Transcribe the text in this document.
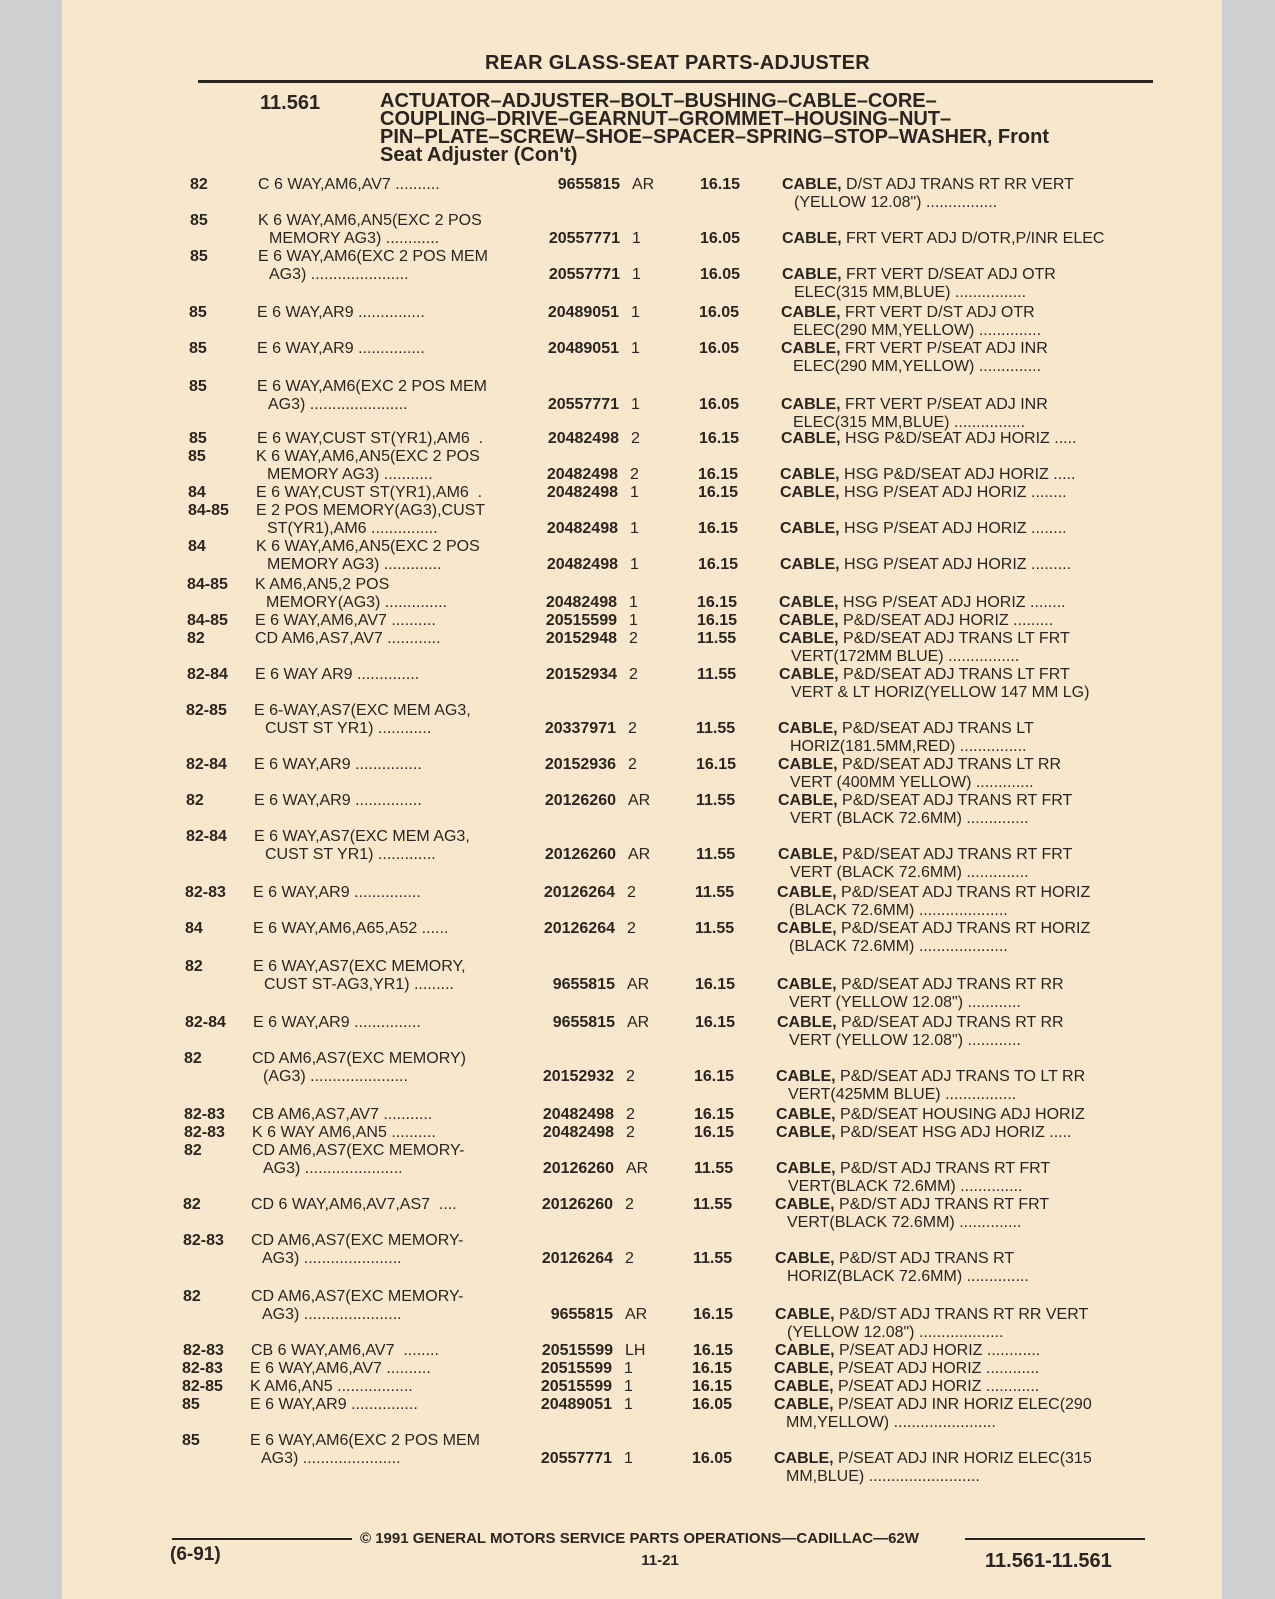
REAR GLASS-SEAT PARTS-ADJUSTER
11.561	ACTUATOR–ADJUSTER–BOLT–BUSHING–CABLE–CORE–
COUPLING–DRIVE–GEARNUT–GROMMET–HOUSING–NUT–
PIN–PLATE–SCREW–SHOE–SPACER–SPRING–STOP–WASHER, Front
Seat Adjuster (Con't)
82	C 6 WAY,AM6,AV7 ..........	9655815 AR	16.15	CABLE, D/ST ADJ TRANS RT RR VERT
(YELLOW 12.08") ................
85	K 6 WAY,AM6,AN5(EXC 2 POS
MEMORY AG3) ............	20557771 1	16.05	CABLE, FRT VERT ADJ D/OTR,P/INR ELEC
85	E 6 WAY,AM6(EXC 2 POS MEM
AG3) ......................	20557771 1	16.05	CABLE, FRT VERT D/SEAT ADJ OTR
ELEC(315 MM,BLUE) ................
85	E 6 WAY,AR9 ...............	20489051 1	16.05	CABLE, FRT VERT D/ST ADJ OTR
ELEC(290 MM,YELLOW) ..............
85	E 6 WAY,AR9 ...............	20489051 1	16.05	CABLE, FRT VERT P/SEAT ADJ INR
ELEC(290 MM,YELLOW) ..............
85	E 6 WAY,AM6(EXC 2 POS MEM
AG3) ......................	20557771 1	16.05	CABLE, FRT VERT P/SEAT ADJ INR
ELEC(315 MM,BLUE) ................
85	E 6 WAY,CUST ST(YR1),AM6  .	20482498 2	16.15	CABLE, HSG P&D/SEAT ADJ HORIZ .....
85	K 6 WAY,AM6,AN5(EXC 2 POS
MEMORY AG3) ...........	20482498 2	16.15	CABLE, HSG P&D/SEAT ADJ HORIZ .....
84	E 6 WAY,CUST ST(YR1),AM6  .	20482498 1	16.15	CABLE, HSG P/SEAT ADJ HORIZ ........
84-85	E 2 POS MEMORY(AG3),CUST
ST(YR1),AM6 ...............	20482498 1	16.15	CABLE, HSG P/SEAT ADJ HORIZ ........
84	K 6 WAY,AM6,AN5(EXC 2 POS
MEMORY AG3) .............	20482498 1	16.15	CABLE, HSG P/SEAT ADJ HORIZ .........
84-85	K AM6,AN5,2 POS
MEMORY(AG3) ..............	20482498 1	16.15	CABLE, HSG P/SEAT ADJ HORIZ ........
84-85	E 6 WAY,AM6,AV7 ..........	20515599 1	16.15	CABLE, P&D/SEAT ADJ HORIZ .........
82	CD AM6,AS7,AV7 ............	20152948 2	11.55	CABLE, P&D/SEAT ADJ TRANS LT FRT
VERT(172MM BLUE) ................
82-84	E 6 WAY AR9 ..............	20152934 2	11.55	CABLE, P&D/SEAT ADJ TRANS LT FRT
VERT & LT HORIZ(YELLOW 147 MM LG)
82-85	E 6-WAY,AS7(EXC MEM AG3,
CUST ST YR1) ............	20337971 2	11.55	CABLE, P&D/SEAT ADJ TRANS LT
HORIZ(181.5MM,RED) ...............
82-84	E 6 WAY,AR9 ...............	20152936 2	16.15	CABLE, P&D/SEAT ADJ TRANS LT RR
VERT (400MM YELLOW) .............
82	E 6 WAY,AR9 ...............	20126260 AR	11.55	CABLE, P&D/SEAT ADJ TRANS RT FRT
VERT (BLACK 72.6MM) ..............
82-84	E 6 WAY,AS7(EXC MEM AG3,
CUST ST YR1) .............	20126260 AR	11.55	CABLE, P&D/SEAT ADJ TRANS RT FRT
VERT (BLACK 72.6MM) ..............
82-83	E 6 WAY,AR9 ...............	20126264 2	11.55	CABLE, P&D/SEAT ADJ TRANS RT HORIZ
(BLACK 72.6MM) ....................
84	E 6 WAY,AM6,A65,A52 ......	20126264 2	11.55	CABLE, P&D/SEAT ADJ TRANS RT HORIZ
(BLACK 72.6MM) ....................
82	E 6 WAY,AS7(EXC MEMORY,
CUST ST-AG3,YR1) .........	9655815 AR	16.15	CABLE, P&D/SEAT ADJ TRANS RT RR
VERT (YELLOW 12.08") ............
82-84	E 6 WAY,AR9 ...............	9655815 AR	16.15	CABLE, P&D/SEAT ADJ TRANS RT RR
VERT (YELLOW 12.08") ............
82	CD AM6,AS7(EXC MEMORY)
(AG3) ......................	20152932 2	16.15	CABLE, P&D/SEAT ADJ TRANS TO LT RR
VERT(425MM BLUE) ................
82-83	CB AM6,AS7,AV7 ...........	20482498 2	16.15	CABLE, P&D/SEAT HOUSING ADJ HORIZ
82-83	K 6 WAY AM6,AN5 ..........	20482498 2	16.15	CABLE, P&D/SEAT HSG ADJ HORIZ .....
82	CD AM6,AS7(EXC MEMORY-
AG3) ......................	20126260 AR	11.55	CABLE, P&D/ST ADJ TRANS RT FRT
VERT(BLACK 72.6MM) ..............
82	CD 6 WAY,AM6,AV7,AS7  ....	20126260 2	11.55	CABLE, P&D/ST ADJ TRANS RT FRT
VERT(BLACK 72.6MM) ..............
82-83	CD AM6,AS7(EXC MEMORY-
AG3) ......................	20126264 2	11.55	CABLE, P&D/ST ADJ TRANS RT
HORIZ(BLACK 72.6MM) ..............
82	CD AM6,AS7(EXC MEMORY-
AG3) ......................	9655815 AR	16.15	CABLE, P&D/ST ADJ TRANS RT RR VERT
(YELLOW 12.08") ...................
82-83	CB 6 WAY,AM6,AV7  ........	20515599 LH	16.15	CABLE, P/SEAT ADJ HORIZ ............
82-83	E 6 WAY,AM6,AV7 ..........	20515599 1	16.15	CABLE, P/SEAT ADJ HORIZ ............
82-85	K AM6,AN5 .................	20515599 1	16.15	CABLE, P/SEAT ADJ HORIZ ............
85	E 6 WAY,AR9 ...............	20489051 1	16.05	CABLE, P/SEAT ADJ INR HORIZ ELEC(290
MM,YELLOW) .......................
85	E 6 WAY,AM6(EXC 2 POS MEM
AG3) ......................	20557771 1	16.05	CABLE, P/SEAT ADJ INR HORIZ ELEC(315
MM,BLUE) .........................
(6-91)
© 1991 GENERAL MOTORS SERVICE PARTS OPERATIONS—CADILLAC—62W
11-21	11.561-11.561
